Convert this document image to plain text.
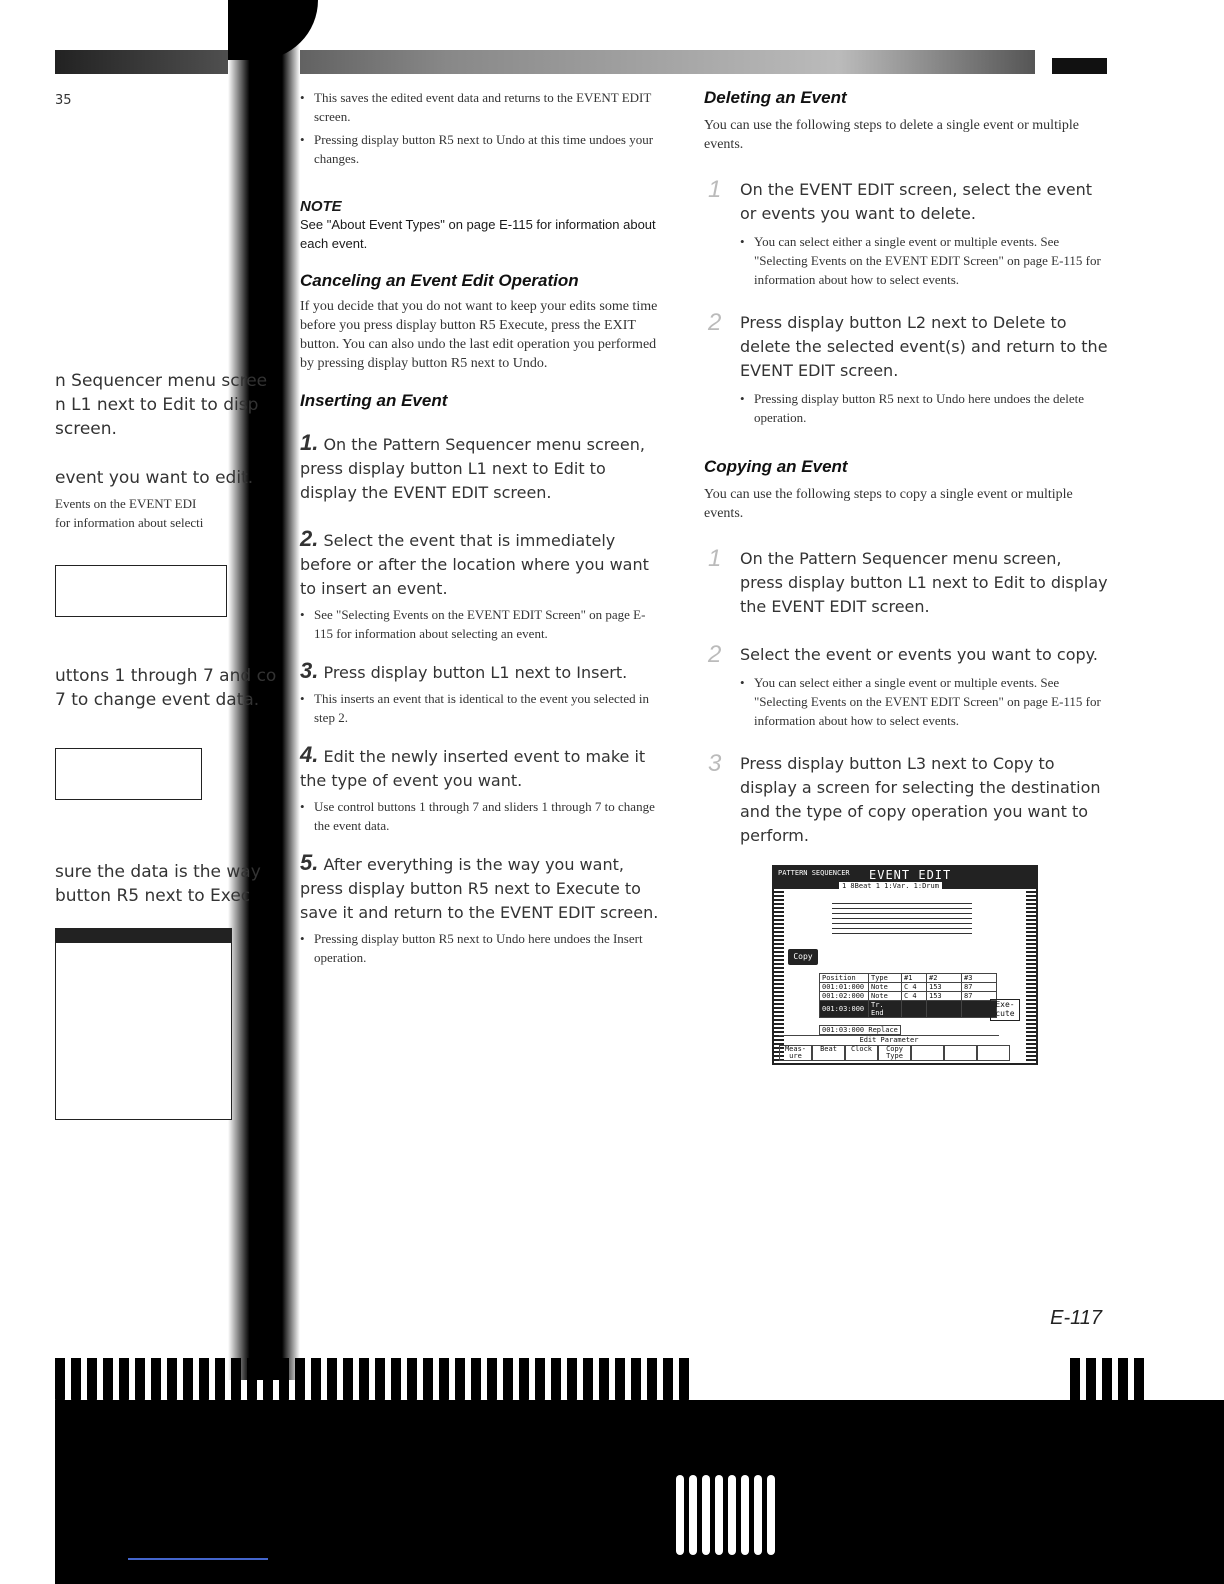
35
n Sequencer menu scree
n L1 next to Edit to disp
screen.
event you want to edit.
Events on the EVENT EDI
for information about selecti
uttons 1 through 7 and co
7 to change event data.
sure the data is the way
button R5 next to Exec
• This saves the edited event data and returns to the EVENT EDIT screen.
• Pressing display button R5 next to Undo at this time undoes your changes.
NOTE
See "About Event Types" on page E-115 for information about each event.
Canceling an Event Edit Operation
If you decide that you do not want to keep your edits some time before you press display button R5 Execute, press the EXIT button. You can also undo the last edit operation you performed by pressing display button R5 next to Undo.
Inserting an Event
1. On the Pattern Sequencer menu screen, press display button L1 next to Edit to display the EVENT EDIT screen.
2. Select the event that is immediately before or after the location where you want to insert an event.
• See "Selecting Events on the EVENT EDIT Screen" on page E-115 for information about selecting an event.
3. Press display button L1 next to Insert.
• This inserts an event that is identical to the event you selected in step 2.
4. Edit the newly inserted event to make it the type of event you want.
• Use control buttons 1 through 7 and sliders 1 through 7 to change the event data.
5. After everything is the way you want, press display button R5 next to Execute to save it and return to the EVENT EDIT screen.
• Pressing display button R5 next to Undo here undoes the Insert operation.
Deleting an Event
You can use the following steps to delete a single event or multiple events.
1 On the EVENT EDIT screen, select the event or events you want to delete.
• You can select either a single event or multiple events. See "Selecting Events on the EVENT EDIT Screen" on page E-115 for information about how to select events.
2 Press display button L2 next to Delete to delete the selected event(s) and return to the EVENT EDIT screen.
• Pressing display button R5 next to Undo here undoes the delete operation.
Copying an Event
You can use the following steps to copy a single event or multiple events.
1 On the Pattern Sequencer menu screen, press display button L1 next to Edit to display the EVENT EDIT screen.
2 Select the event or events you want to copy.
• You can select either a single event or multiple events. See "Selecting Events on the EVENT EDIT Screen" on page E-115 for information about how to select events.
3 Press display button L3 next to Copy to display a screen for selecting the destination and the type of copy operation you want to perform.
PATTERN SEQUENCER EVENT EDIT
1 8Beat 1 1:Var. 1:Drum
Copy
Position	Type	#1	#2	#3
001:01:000	Note	C 4	153	87
001:02:000	Note	C 4	153	87
001:03:000	Tr. End			
Exe-cute
001:03:000 Replace
Edit Parameter
Meas-ure
Beat	Clock	Copy Type
E-117
